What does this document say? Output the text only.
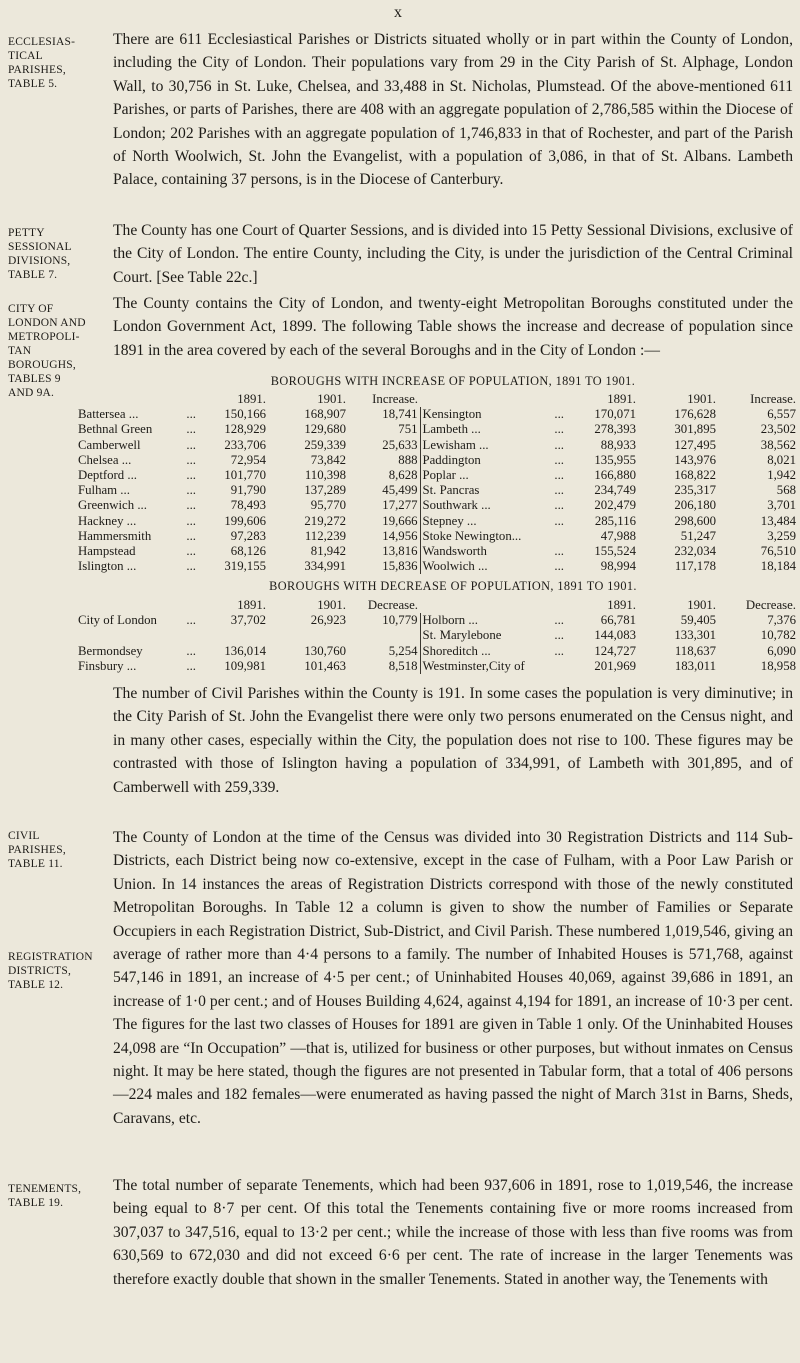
x
ECCLESIAS-
TICAL
PARISHES,
TABLE 5.
PETTY
SESSIONAL
DIVISIONS,
TABLE 7.
CITY OF
LONDON AND
METROPOLI-
TAN BOROUGHS,
TABLES 9
AND 9A.
CIVIL
PARISHES,
TABLE 11.
REGISTRATION
DISTRICTS,
TABLE 12.
TENEMENTS,
TABLE 19.

There are 611 Ecclesiastical Parishes or Districts situated wholly or in part within the County of London, including the City of London. Their populations vary from 29 in the City Parish of St. Alphage, London Wall, to 30,756 in St. Luke, Chelsea, and 33,488 in St. Nicholas, Plumstead. Of the above-mentioned 611 Parishes, or parts of Parishes, there are 408 with an aggregate population of 2,786,585 within the Diocese of London; 202 Parishes with an aggregate population of 1,746,833 in that of Rochester, and part of the Parish of North Woolwich, St. John the Evangelist, with a population of 3,086, in that of St. Albans. Lambeth Palace, containing 37 persons, is in the Diocese of Canterbury.

The County has one Court of Quarter Sessions, and is divided into 15 Petty Sessional Divisions, exclusive of the City of London. The entire County, including the City, is under the jurisdiction of the Central Criminal Court. [See Table 22c.]

The County contains the City of London, and twenty-eight Metropolitan Boroughs constituted under the London Government Act, 1899. The following Table shows the increase and decrease of population since 1891 in the area covered by each of the several Boroughs and in the City of London :—

BOROUGHS WITH INCREASE OF POPULATION, 1891 TO 1901.
		1891.	1901.	Increase.			1891.	1901.	Increase.
Battersea ...	...	150,166	168,907	18,741	Kensington	...	170,071	176,628	6,557
Bethnal Green	...	128,929	129,680	751	Lambeth ...	...	278,393	301,895	23,502
Camberwell	...	233,706	259,339	25,633	Lewisham ...	...	88,933	127,495	38,562
Chelsea ...	...	72,954	73,842	888	Paddington	...	135,955	143,976	8,021
Deptford ...	...	101,770	110,398	8,628	Poplar ...	...	166,880	168,822	1,942
Fulham ...	...	91,790	137,289	45,499	St. Pancras	...	234,749	235,317	568
Greenwich ...	...	78,493	95,770	17,277	Southwark ...	...	202,479	206,180	3,701
Hackney ...	...	199,606	219,272	19,666	Stepney ...	...	285,116	298,600	13,484
Hammersmith	...	97,283	112,239	14,956	Stoke Newington...		47,988	51,247	3,259
Hampstead	...	68,126	81,942	13,816	Wandsworth	...	155,524	232,034	76,510
Islington ...	...	319,155	334,991	15,836	Woolwich ...	...	98,994	117,178	18,184
BOROUGHS WITH DECREASE OF POPULATION, 1891 TO 1901.
		1891.	1901.	Decrease.			1891.	1901.	Decrease.
City of London	...	37,702	26,923	10,779	Holborn ...	...	66,781	59,405	7,376
					St. Marylebone	...	144,083	133,301	10,782
Bermondsey	...	136,014	130,760	5,254	Shoreditch ...	...	124,727	118,637	6,090
Finsbury ...	...	109,981	101,463	8,518	Westminster,City of		201,969	183,011	18,958

The number of Civil Parishes within the County is 191. In some cases the population is very diminutive; in the City Parish of St. John the Evangelist there were only two persons enumerated on the Census night, and in many other cases, especially within the City, the population does not rise to 100. These figures may be contrasted with those of Islington having a population of 334,991, of Lambeth with 301,895, and of Camberwell with 259,339.

The County of London at the time of the Census was divided into 30 Registration Districts and 114 Sub-Districts, each District being now co-extensive, except in the case of Fulham, with a Poor Law Parish or Union. In 14 instances the areas of Registration Districts correspond with those of the newly constituted Metropolitan Boroughs. In Table 12 a column is given to show the number of Families or Separate Occupiers in each Registration District, Sub-District, and Civil Parish. These numbered 1,019,546, giving an average of rather more than 4·4 persons to a family. The number of Inhabited Houses is 571,768, against 547,146 in 1891, an increase of 4·5 per cent.; of Uninhabited Houses 40,069, against 39,686 in 1891, an increase of 1·0 per cent.; and of Houses Building 4,624, against 4,194 for 1891, an increase of 10·3 per cent. The figures for the last two classes of Houses for 1891 are given in Table 1 only. Of the Uninhabited Houses 24,098 are “In Occupation” —that is, utilized for business or other purposes, but without inmates on Census night. It may be here stated, though the figures are not presented in Tabular form, that a total of 406 persons—224 males and 182 females—were enumerated as having passed the night of March 31st in Barns, Sheds, Caravans, etc.

The total number of separate Tenements, which had been 937,606 in 1891, rose to 1,019,546, the increase being equal to 8·7 per cent. Of this total the Tenements containing five or more rooms increased from 307,037 to 347,516, equal to 13·2 per cent.; while the increase of those with less than five rooms was from 630,569 to 672,030 and did not exceed 6·6 per cent. The rate of increase in the larger Tenements was therefore exactly double that shown in the smaller Tenements. Stated in another way, the Tenements with
